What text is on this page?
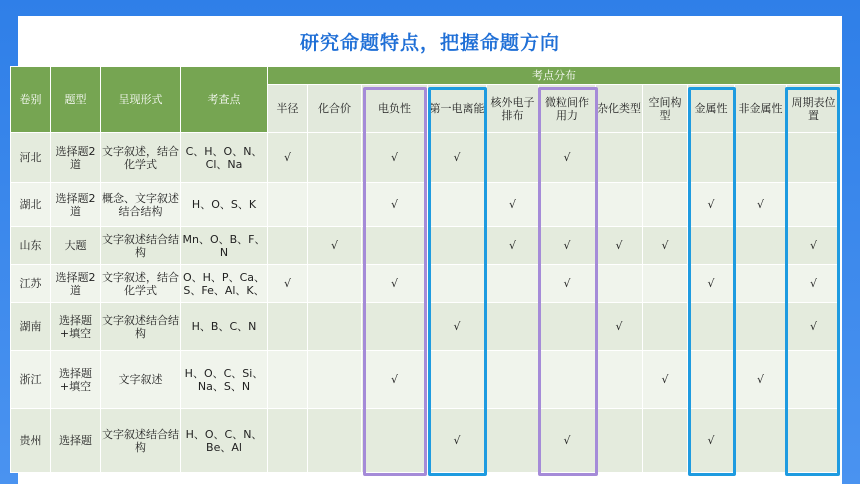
研究命题特点，把握命题方向
卷别	题型	呈现形式	考查点	考点分布										
				半径	化合价	电负性	第一电离能	核外电子排布	微粒间作用力	杂化类型	空间构型	金属性	非金属性	周期表位置
河北	选择题2道	文字叙述，结合化学式	C、H、O、N、Cl、Na	√		√	√		√					
湖北	选择题2道	概念、文字叙述结合结构	H、O、S、K			√		√				√	√	
山东	大题	文字叙述结合结构	Mn、O、B、F、N		√			√	√	√	√			√
江苏	选择题2道	文字叙述，结合化学式	O、H、P、Ca、S、Fe、Al、K、	√		√			√			√		√
湖南	选择题+填空	文字叙述结合结构	H、B、C、N				√			√				√
浙江	选择题+填空	文字叙述	H、O、C、Si、Na、S、N			√					√		√	
贵州	选择题	文字叙述结合结构	H、O、C、N、Be、Al				√		√			√		
